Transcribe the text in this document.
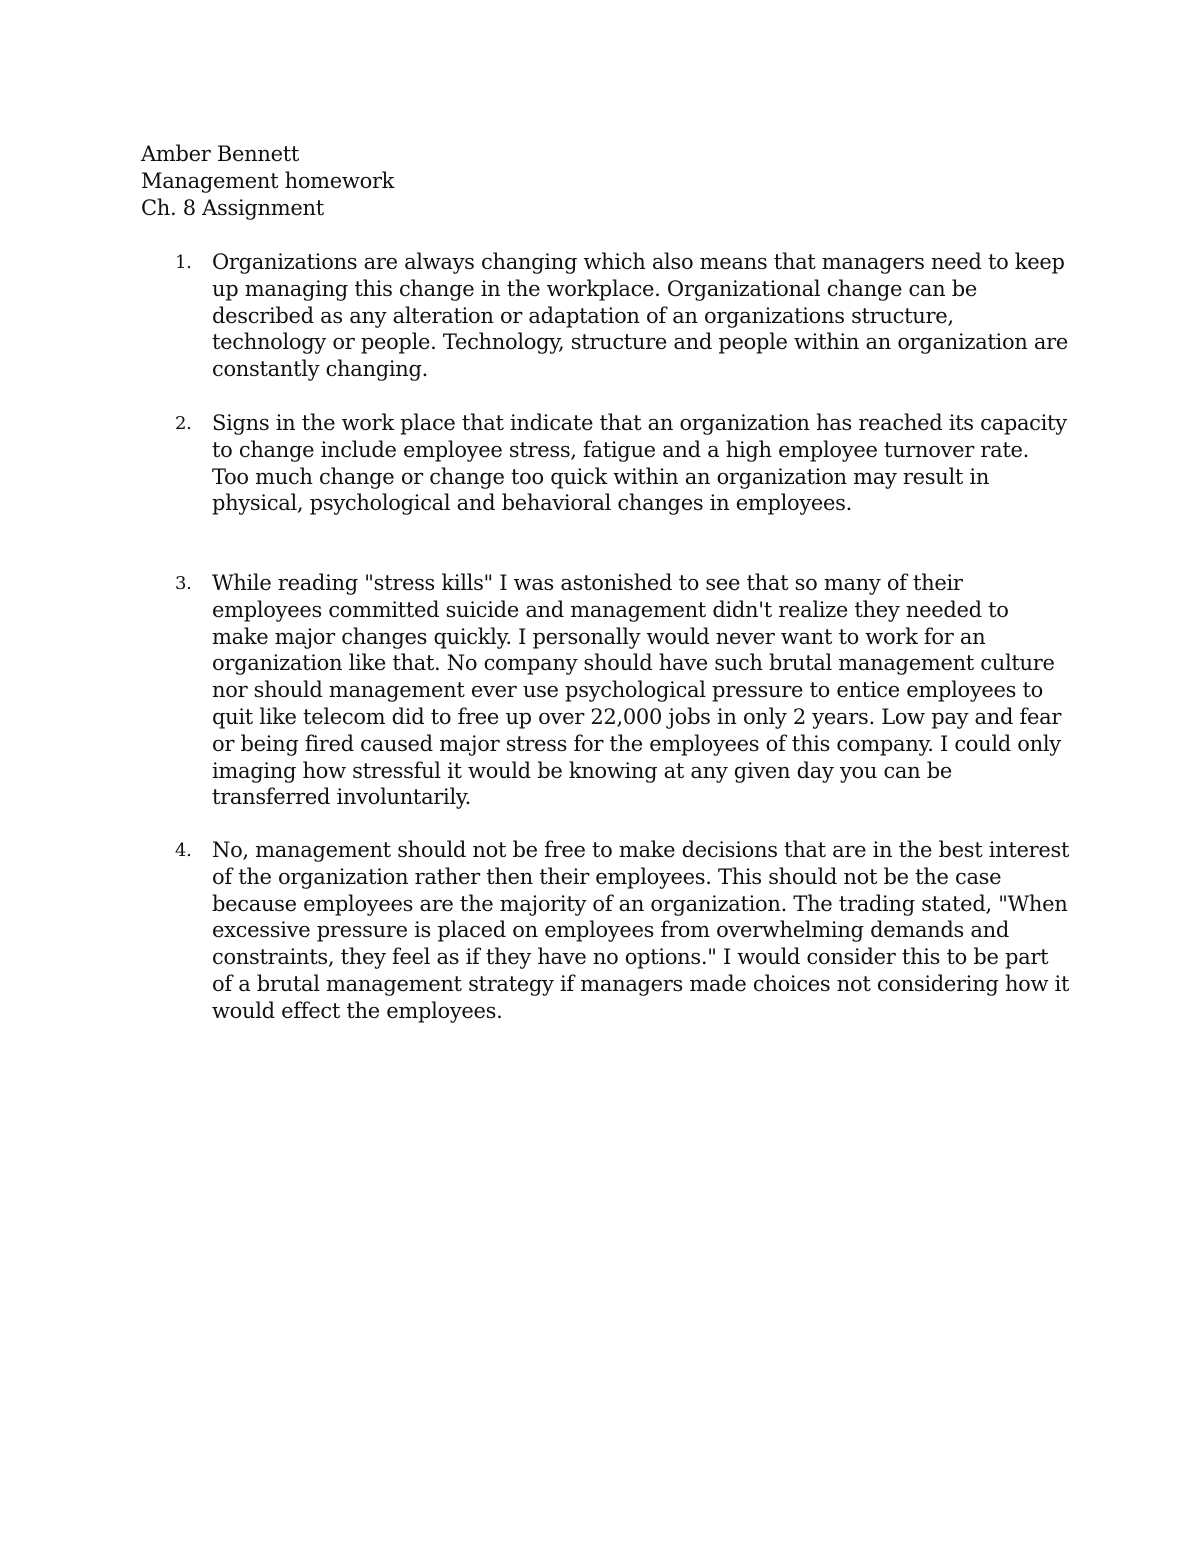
Amber Bennett
Management homework
Ch. 8 Assignment
1. Organizations are always changing which also means that managers need to keep up managing this change in the workplace. Organizational change can be described as any alteration or adaptation of an organizations structure, technology or people. Technology, structure and people within an organization are constantly changing.
2. Signs in the work place that indicate that an organization has reached its capacity to change include employee stress, fatigue and a high employee turnover rate. Too much change or change too quick within an organization may result in physical, psychological and behavioral changes in employees.
3. While reading "stress kills" I was astonished to see that so many of their employees committed suicide and management didn't realize they needed to make major changes quickly. I personally would never want to work for an organization like that. No company should have such brutal management culture nor should management ever use psychological pressure to entice employees to quit like telecom did to free up over 22,000 jobs in only 2 years. Low pay and fear or being fired caused major stress for the employees of this company. I could only imaging how stressful it would be knowing at any given day you can be transferred involuntarily.
4. No, management should not be free to make decisions that are in the best interest of the organization rather then their employees. This should not be the case because employees are the majority of an organization. The trading stated, "When excessive pressure is placed on employees from overwhelming demands and constraints, they feel as if they have no options." I would consider this to be part of a brutal management strategy if managers made choices not considering how it would effect the employees.
